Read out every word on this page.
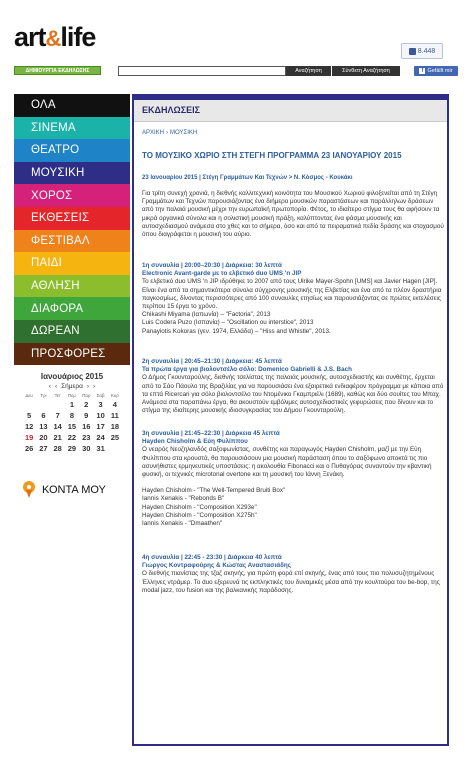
art&life	8.448
ΔΗΜΙΟΥΡΓΙΑ ΕΚΔΗΛΩΣΗΣ	Αναζήτηση	Σύνθετη Αναζήτηση	f Gefällt mir
ΟΛΑ
ΣΙΝΕΜΑ
ΘΕΑΤΡΟ
ΜΟΥΣΙΚΗ
ΧΟΡΟΣ
ΕΚΘΕΣΕΙΣ
ΦΕΣΤΙΒΑΛ
ΠΑΙΔΙ
ΑΘΛΗΣΗ
ΔΙΑΦΟΡΑ
ΔΩΡΕΑΝ
ΠΡΟΣΦΟΡΕΣ
Ιανουάριος 2015
‹ ‹ Σήμερα › ›
Δευ	Τρι	Τετ	Πεμ	Παρ	Σαβ	Κυρ
			1	2	3	4
5	6	7	8	9	10	11
12	13	14	15	16	17	18
19	20	21	22	23	24	25
26	27	28	29	30	31	
ΚΟΝΤΑ ΜΟΥ
ΕΚΔΗΛΩΣΕΙΣ
ΑΡΧΙΚΗ › ΜΟΥΣΙΚΗ
ΤΟ ΜΟΥΣΙΚΟ ΧΩΡΙΟ ΣΤΗ ΣΤΕΓΗ ΠΡΟΓΡΑΜΜΑ 23 ΙΑΝΟΥΑΡΙΟΥ 2015
23 Ιανουαρίου 2015 | Στέγη Γραμμάτων Και Τεχνών > Ν. Κόσμος - Κουκάκι
Για τρίτη συνεχή χρονιά, η διεθνής καλλιτεχνική κοινότητα του Μουσικού Χωριού φιλοξενείται από τη Στέγη Γραμμάτων και Τεχνών παρουσιάζοντας ένα διήμερο μουσικών παραστάσεων και παράλληλων δράσεων από την παλαιά μουσική μέχρι την ευρωπαϊκή πρωτοπορία. Φέτος, το ιδιαίτερο στίγμα τους θα αφήσουν τα μικρά οργανικά σύνολα και η σολιστική μουσική πράξη, καλύπτοντας ένα φάσμα μουσικής και αυτοσχεδιασμού ανάμεσα στο χθες και το σήμερα, όσο και από τα πειραματικά πεδία δράσης και στοχασμού όπου διαγράφεται η μουσική του αύριο.
1η συναυλία | 20:00–20:30 | Διάρκεια: 30 λεπτά
Electronic Avant-garde με το ελβετικό duo UMS 'n JIP
Το ελβετικό duo UMS 'n JIP ιδρύθηκε το 2007 από τους Ulrike Mayer-Spohn [UMS] και Javier Hagen [JIP]. Είναι ένα από τα σημαντικότερα σύνολα σύγχρονης μουσικής της Ελβετίας και ένα από τα πλέον δραστήρια παγκοσμίως, δίνοντας περισσότερες από 100 συναυλίες ετησίως και παρουσιάζοντας σε πρώτες εκτελέσεις περίπου 15 έργα το χρόνο.
Chikashi Miyama (Ιαπωνία) – "Factoria", 2013
Luis Codera Puzo (Ισπανία) – "Oscillation ou interstice", 2013
Panayiotis Kokoras (γεν. 1974, Ελλάδα) – "Hiss and Whistle", 2013.
2η συναυλία | 20:45–21:30 | Διάρκεια: 45 λεπτά
Τα πρώτα έργα για βιολοντσέλο σόλο: Domenico Gabrielli & J.S. Bach
Ο Δήμος Γκουνταρούλης, διεθνής τσελίστας της παλαιάς μουσικής, αυτοσχεδιαστής και συνθέτης, έρχεται από το Σάο Πάουλο της Βραζιλίας για να παρουσιάσει ένα εξαιρετικά ενδιαφέρον πρόγραμμα με κάποια από τα επτά Ricercari για σόλο βιολοντσέλο του Ντομένικο Γκαμπριέλι (1689), καθώς και δύο σουίτες του Μπαχ. Ανάμεσα στα παραπάνω έργα, θα ακουστούν εμβόλιμες αυτοσχεδιαστικές γεφυρώσεις που δίνουν και το στίγμα της ιδιαίτερης μουσικής ιδιοσυγκρασίας του Δήμου Γκουνταρούλη.
3η συναυλία | 21:45–22:30 | Διάρκεια 45 λεπτά
Hayden Chisholm & Εύη Φυλίππου
Ο νεαρός Νεοζηλανδός σαξοφωνίστας, συνθέτης και παραγωγός Hayden Chisholm, μαζί με την Εύη Φυλίππου στα κρουστά, θα παρουσιάσουν μια μουσική παράσταση όπου το σαξόφωνο αποκτά τις πιο ασυνήθιστες ερμηνευτικές υποστάσεις: η ακολουθία Fibonacci και ο Πυθαγόρας συναντούν την κβαντική φυσική, οι τεχνικές microtonal overtone και τη μουσική του Ιάννη Ξενάκη.
Hayden Chisholm - "The Well-Tempered Bruiti Box"
Iannis Xenakis - "Rebonds B"
Hayden Chisholm - "Composition X293e"
Hayden Chisholm - "Composition X275h"
Iannis Xenakis - "Dmaathen"
4η συναυλία | 22:45 - 23:30 | Διάρκεια 40 λεπτά
Γιώργος Κοντραφούρης & Κώστας Αναστασιάδης
Ο διεθνής πιανίστας της τζαζ σκηνής, για πρώτη φορά επί σκηνής, ένας από τους πιο πολυσυζητημένους Έλληνες ντράμερ. Το duo εξερευνά τις εκπληκτικές του δυναμικές μέσα από την κουλτούρα του be-bop, της modal jazz, του fusion και της βαλκανικής παράδοσης.
